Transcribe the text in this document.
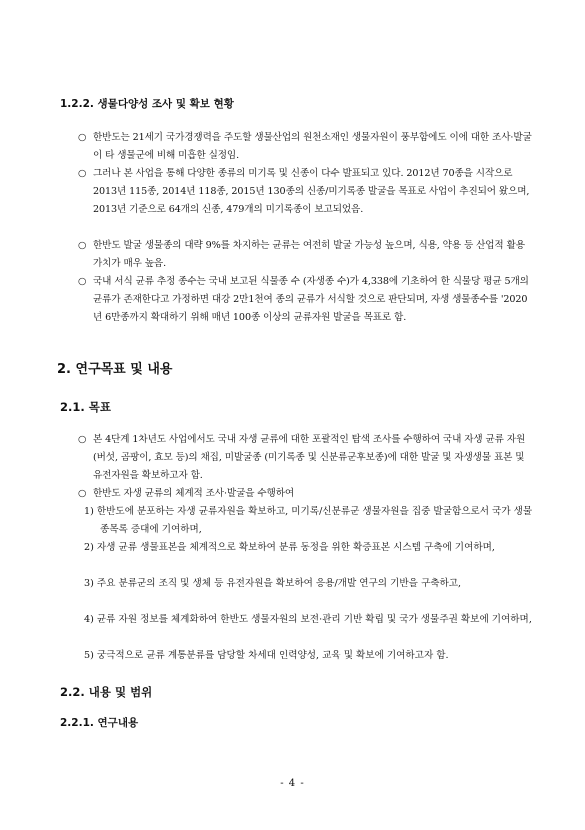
1.2.2. 생물다양성 조사 및 확보 현황
○ 한반도는 21세기 국가경쟁력을 주도할 생물산업의 원천소재인 생물자원이 풍부함에도 이에 대한 조사·발굴이 타 생물군에 비해 미흡한 실정임.
○ 그러나 본 사업을 통해 다양한 종류의 미기록 및 신종이 다수 발표되고 있다. 2012년 70종을 시작으로 2013년 115종, 2014년 118종, 2015년 130종의 신종/미기록종 발굴을 목표로 사업이 추진되어 왔으며, 2013년 기준으로 64개의 신종, 479개의 미기록종이 보고되었음.
○ 한반도 발굴 생물종의 대략 9%를 차지하는 균류는 여전히 발굴 가능성 높으며, 식용, 약용 등 산업적 활용가치가 매우 높음.
○ 국내 서식 균류 추정 종수는 국내 보고된 식물종 수 (자생종 수)가 4,338에 기초하여 한 식물당 평균 5개의 균류가 존재한다고 가정하면 대강 2만1천여 종의 균류가 서식할 것으로 판단되며, 자생 생물종수를 '2020년 6만종까지 확대하기 위해 매년 100종 이상의 균류자원 발굴을 목표로 함.
2. 연구목표 및 내용
2.1. 목표
○ 본 4단계 1차년도 사업에서도 국내 자생 균류에 대한 포괄적인 탐색 조사를 수행하여 국내 자생 균류 자원 (버섯, 곰팡이, 효모 등)의 채집, 미발굴종 (미기록종 및 신분류군후보종)에 대한 발굴 및 자생생물 표본 및 유전자원을 확보하고자 함.
○ 한반도 자생 균류의 체계적 조사·발굴을 수행하여
1) 한반도에 분포하는 자생 균류자원을 확보하고, 미기록/신분류군 생물자원을 집중 발굴함으로서 국가 생물 종목록 증대에 기여하며,
2) 자생 균류 생물표본을 체계적으로 확보하여 분류 동정을 위한 확증표본 시스템 구축에 기여하며,
3) 주요 분류군의 조직 및 생체 등 유전자원을 확보하여 응용/개발 연구의 기반을 구축하고,
4) 균류 자원 정보를 체계화하여 한반도 생물자원의 보전·관리 기반 확립 및 국가 생물주권 확보에 기여하며,
5) 궁극적으로 균류 계통분류를 담당할 차세대 인력양성, 교육 및 확보에 기여하고자 함.
2.2. 내용 및 범위
2.2.1. 연구내용
- 4 -
